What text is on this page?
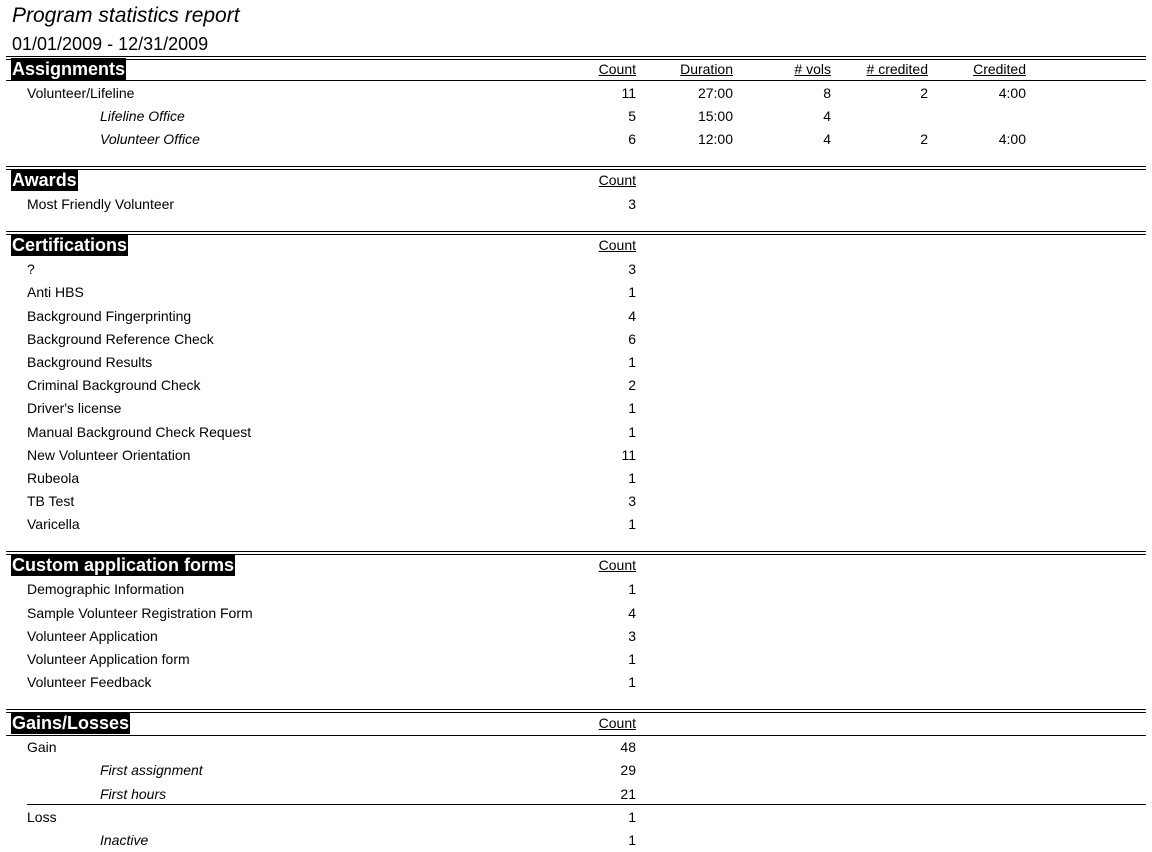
Program statistics report
01/01/2009 - 12/31/2009
Assignments	Count	Duration	# vols	# credited	Credited
Volunteer/Lifeline	11	27:00	8	2	4:00
Lifeline Office	5	15:00	4
Volunteer Office	6	12:00	4	2	4:00
Awards	Count
Most Friendly Volunteer	3
Certifications	Count
?	3
Anti HBS	1
Background Fingerprinting	4
Background Reference Check	6
Background Results	1
Criminal Background Check	2
Driver's license	1
Manual Background Check Request	1
New Volunteer Orientation	11
Rubeola	1
TB Test	3
Varicella	1
Custom application forms	Count
Demographic Information	1
Sample Volunteer Registration Form	4
Volunteer Application	3
Volunteer Application form	1
Volunteer Feedback	1
Gains/Losses	Count
Gain	48
First assignment	29
First hours	21
Loss	1
Inactive	1
